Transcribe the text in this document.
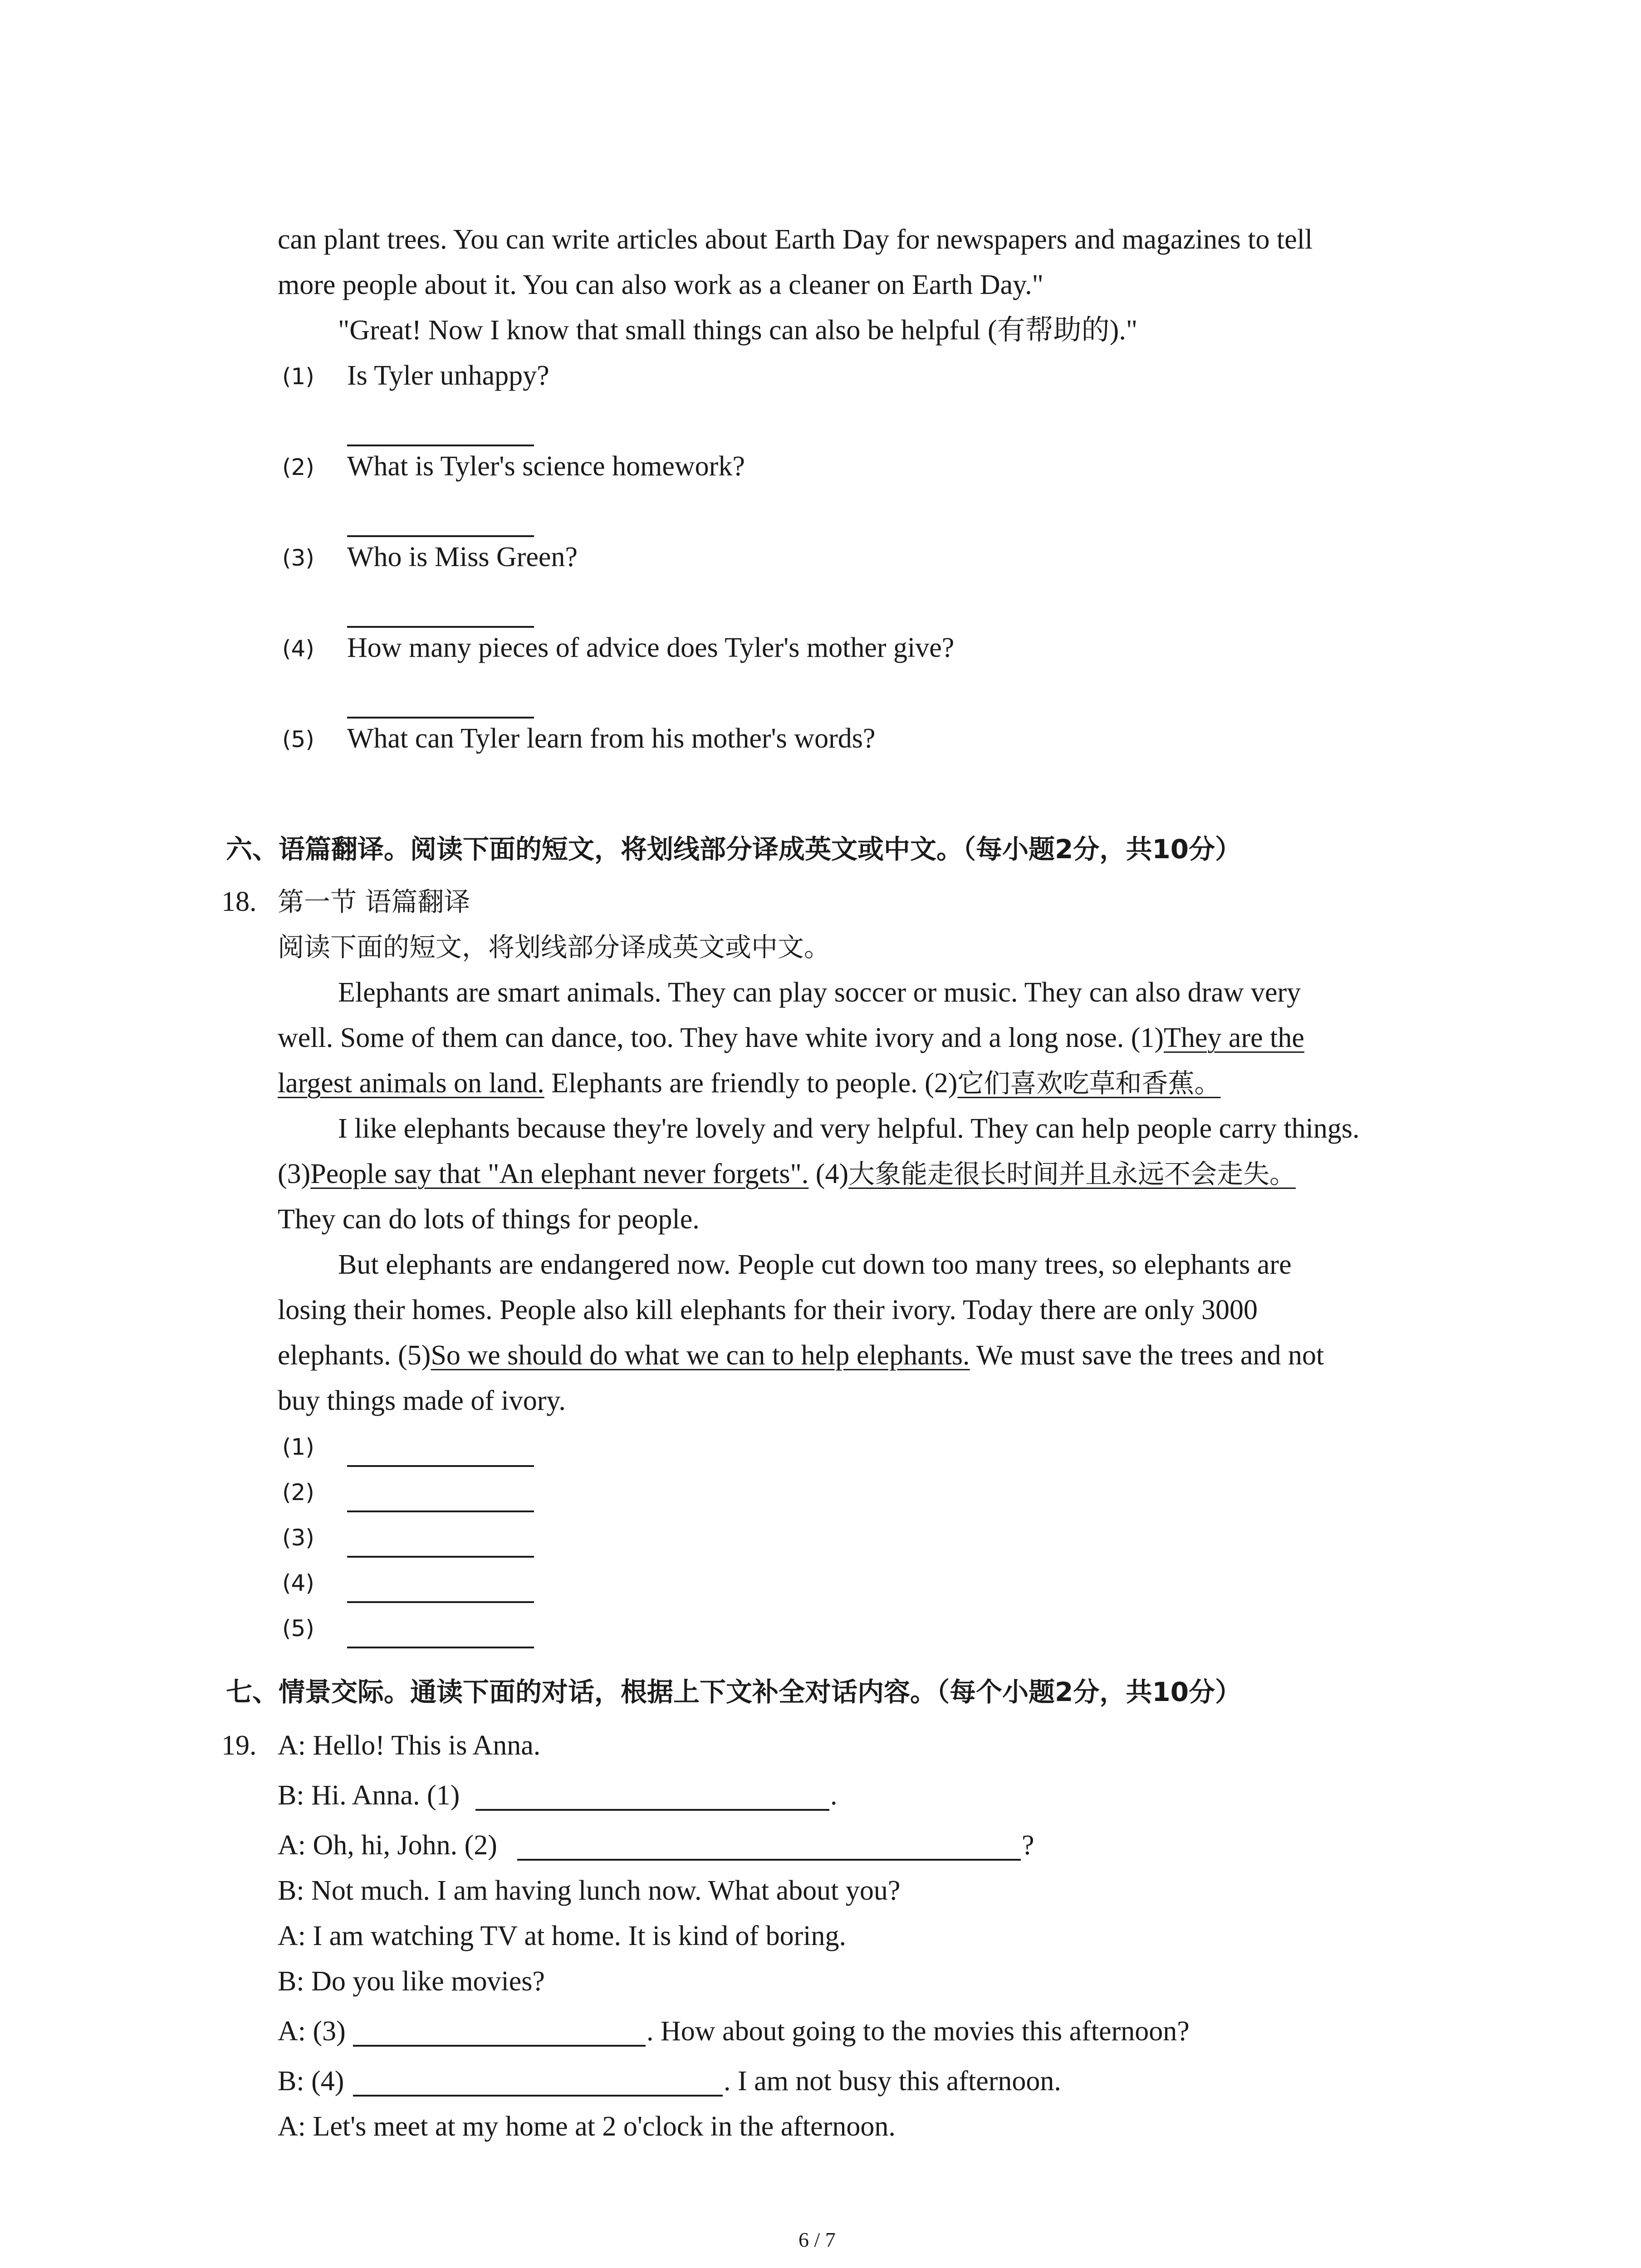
can plant trees. You can write articles about Earth Day for newspapers and magazines to tell
more people about it. You can also work as a cleaner on Earth Day."
"Great! Now I know that small things can also be helpful (有帮助的)."
(1) Is Tyler unhappy?
(2) What is Tyler's science homework?
(3) Who is Miss Green?
(4) How many pieces of advice does Tyler's mother give?
(5) What can Tyler learn from his mother's words?
六、语篇翻译。阅读下面的短文，将划线部分译成英文或中文。（每小题2分，共10分）
18. 第一节 语篇翻译
阅读下面的短文，将划线部分译成英文或中文。
Elephants are smart animals. They can play soccer or music. They can also draw very
well. Some of them can dance, too. They have white ivory and a long nose. (1)They are the
largest animals on land. Elephants are friendly to people. (2)它们喜欢吃草和香蕉。
I like elephants because they're lovely and very helpful. They can help people carry things.
(3)People say that "An elephant never forgets". (4)大象能走很长时间并且永远不会走失。
They can do lots of things for people.
But elephants are endangered now. People cut down too many trees, so elephants are
losing their homes. People also kill elephants for their ivory. Today there are only 3000
elephants. (5)So we should do what we can to help elephants. We must save the trees and not
buy things made of ivory.
(1)
(2)
(3)
(4)
(5)
七、情景交际。通读下面的对话，根据上下文补全对话内容。（每个小题2分，共10分）
19. A: Hello! This is Anna.
B: Hi. Anna. (1)	.
A: Oh, hi, John. (2)	?
B: Not much. I am having lunch now. What about you?
A: I am watching TV at home. It is kind of boring.
B: Do you like movies?
A: (3)	. How about going to the movies this afternoon?
B: (4)	. I am not busy this afternoon.
A: Let's meet at my home at 2 o'clock in the afternoon.
6 / 7
